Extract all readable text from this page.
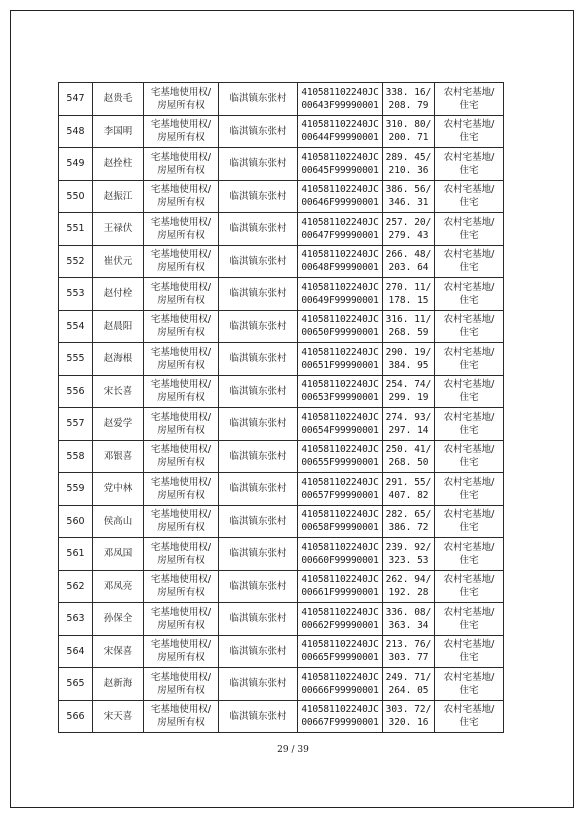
547	赵贵毛	宅基地使用权/
房屋所有权	临淇镇东张村	410581102240JC
00643F99990001	338. 16/
208. 79	农村宅基地/
住宅

548	李国明	宅基地使用权/
房屋所有权	临淇镇东张村	410581102240JC
00644F99990001	310. 80/
200. 71	农村宅基地/
住宅

549	赵拴柱	宅基地使用权/
房屋所有权	临淇镇东张村	410581102240JC
00645F99990001	289. 45/
210. 36	农村宅基地/
住宅

550	赵振江	宅基地使用权/
房屋所有权	临淇镇东张村	410581102240JC
00646F99990001	386. 56/
346. 31	农村宅基地/
住宅

551	王禄伏	宅基地使用权/
房屋所有权	临淇镇东张村	410581102240JC
00647F99990001	257. 20/
279. 43	农村宅基地/
住宅

552	崔伏元	宅基地使用权/
房屋所有权	临淇镇东张村	410581102240JC
00648F99990001	266. 48/
203. 64	农村宅基地/
住宅

553	赵付栓	宅基地使用权/
房屋所有权	临淇镇东张村	410581102240JC
00649F99990001	270. 11/
178. 15	农村宅基地/
住宅

554	赵晨阳	宅基地使用权/
房屋所有权	临淇镇东张村	410581102240JC
00650F99990001	316. 11/
268. 59	农村宅基地/
住宅

555	赵海根	宅基地使用权/
房屋所有权	临淇镇东张村	410581102240JC
00651F99990001	290. 19/
384. 95	农村宅基地/
住宅

556	宋长喜	宅基地使用权/
房屋所有权	临淇镇东张村	410581102240JC
00653F99990001	254. 74/
299. 19	农村宅基地/
住宅

557	赵爱学	宅基地使用权/
房屋所有权	临淇镇东张村	410581102240JC
00654F99990001	274. 93/
297. 14	农村宅基地/
住宅

558	邓银喜	宅基地使用权/
房屋所有权	临淇镇东张村	410581102240JC
00655F99990001	250. 41/
268. 50	农村宅基地/
住宅

559	党中林	宅基地使用权/
房屋所有权	临淇镇东张村	410581102240JC
00657F99990001	291. 55/
407. 82	农村宅基地/
住宅

560	侯高山	宅基地使用权/
房屋所有权	临淇镇东张村	410581102240JC
00658F99990001	282. 65/
386. 72	农村宅基地/
住宅

561	邓凤国	宅基地使用权/
房屋所有权	临淇镇东张村	410581102240JC
00660F99990001	239. 92/
323. 53	农村宅基地/
住宅

562	邓凤亮	宅基地使用权/
房屋所有权	临淇镇东张村	410581102240JC
00661F99990001	262. 94/
192. 28	农村宅基地/
住宅

563	孙保全	宅基地使用权/
房屋所有权	临淇镇东张村	410581102240JC
00662F99990001	336. 08/
363. 34	农村宅基地/
住宅

564	宋保喜	宅基地使用权/
房屋所有权	临淇镇东张村	410581102240JC
00665F99990001	213. 76/
303. 77	农村宅基地/
住宅

565	赵新海	宅基地使用权/
房屋所有权	临淇镇东张村	410581102240JC
00666F99990001	249. 71/
264. 05	农村宅基地/
住宅

566	宋天喜	宅基地使用权/
房屋所有权	临淇镇东张村	410581102240JC
00667F99990001	303. 72/
320. 16	农村宅基地/
住宅
29 / 39
